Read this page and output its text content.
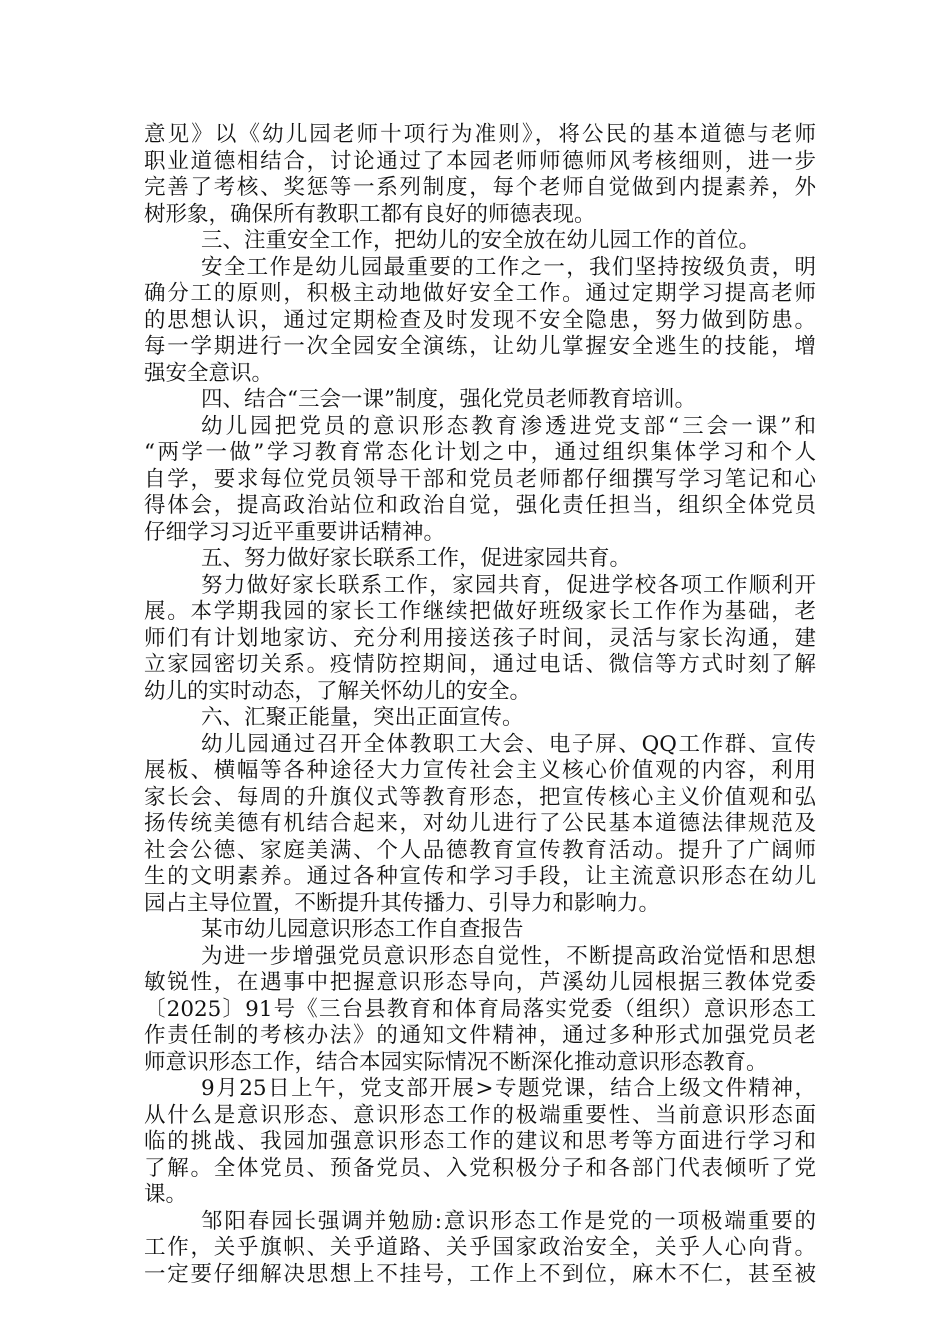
意见》以《幼儿园老师十项行为准则》，将公民的基本道德与老师
职业道德相结合，讨论通过了本园老师师德师风考核细则，进一步
完善了考核、奖惩等一系列制度，每个老师自觉做到内提素养，外
树形象，确保所有教职工都有良好的师德表现。
三、注重安全工作，把幼儿的安全放在幼儿园工作的首位。
安全工作是幼儿园最重要的工作之一，我们坚持按级负责，明
确分工的原则，积极主动地做好安全工作。通过定期学习提高老师
的思想认识，通过定期检查及时发现不安全隐患，努力做到防患。
每一学期进行一次全园安全演练，让幼儿掌握安全逃生的技能，增
强安全意识。
四、结合“三会一课”制度，强化党员老师教育培训。
幼儿园把党员的意识形态教育渗透进党支部“三会一课”和
“两学一做”学习教育常态化计划之中，通过组织集体学习和个人
自学，要求每位党员领导干部和党员老师都仔细撰写学习笔记和心
得体会，提高政治站位和政治自觉，强化责任担当，组织全体党员
仔细学习习近平重要讲话精神。
五、努力做好家长联系工作，促进家园共育。
努力做好家长联系工作，家园共育，促进学校各项工作顺利开
展。本学期我园的家长工作继续把做好班级家长工作作为基础，老
师们有计划地家访、充分利用接送孩子时间，灵活与家长沟通，建
立家园密切关系。疫情防控期间，通过电话、微信等方式时刻了解
幼儿的实时动态，了解关怀幼儿的安全。
六、汇聚正能量，突出正面宣传。
幼儿园通过召开全体教职工大会、电子屏、QQ工作群、宣传
展板、横幅等各种途径大力宣传社会主义核心价值观的内容，利用
家长会、每周的升旗仪式等教育形态，把宣传核心主义价值观和弘
扬传统美德有机结合起来，对幼儿进行了公民基本道德法律规范及
社会公德、家庭美满、个人品德教育宣传教育活动。提升了广阔师
生的文明素养。通过各种宣传和学习手段，让主流意识形态在幼儿
园占主导位置，不断提升其传播力、引导力和影响力。
某市幼儿园意识形态工作自查报告
为进一步增强党员意识形态自觉性，不断提高政治觉悟和思想
敏锐性，在遇事中把握意识形态导向，芦溪幼儿园根据三教体党委
〔2025〕91号《三台县教育和体育局落实党委（组织）意识形态工
作责任制的考核办法》的通知文件精神，通过多种形式加强党员老
师意识形态工作，结合本园实际情况不断深化推动意识形态教育。
9月25日上午，党支部开展>专题党课，结合上级文件精神，
从什么是意识形态、意识形态工作的极端重要性、当前意识形态面
临的挑战、我园加强意识形态工作的建议和思考等方面进行学习和
了解。全体党员、预备党员、入党积极分子和各部门代表倾听了党
课。
邹阳春园长强调并勉励:意识形态工作是党的一项极端重要的
工作，关乎旗帜、关乎道路、关乎国家政治安全，关乎人心向背。
一定要仔细解决思想上不挂号，工作上不到位，麻木不仁，甚至被
